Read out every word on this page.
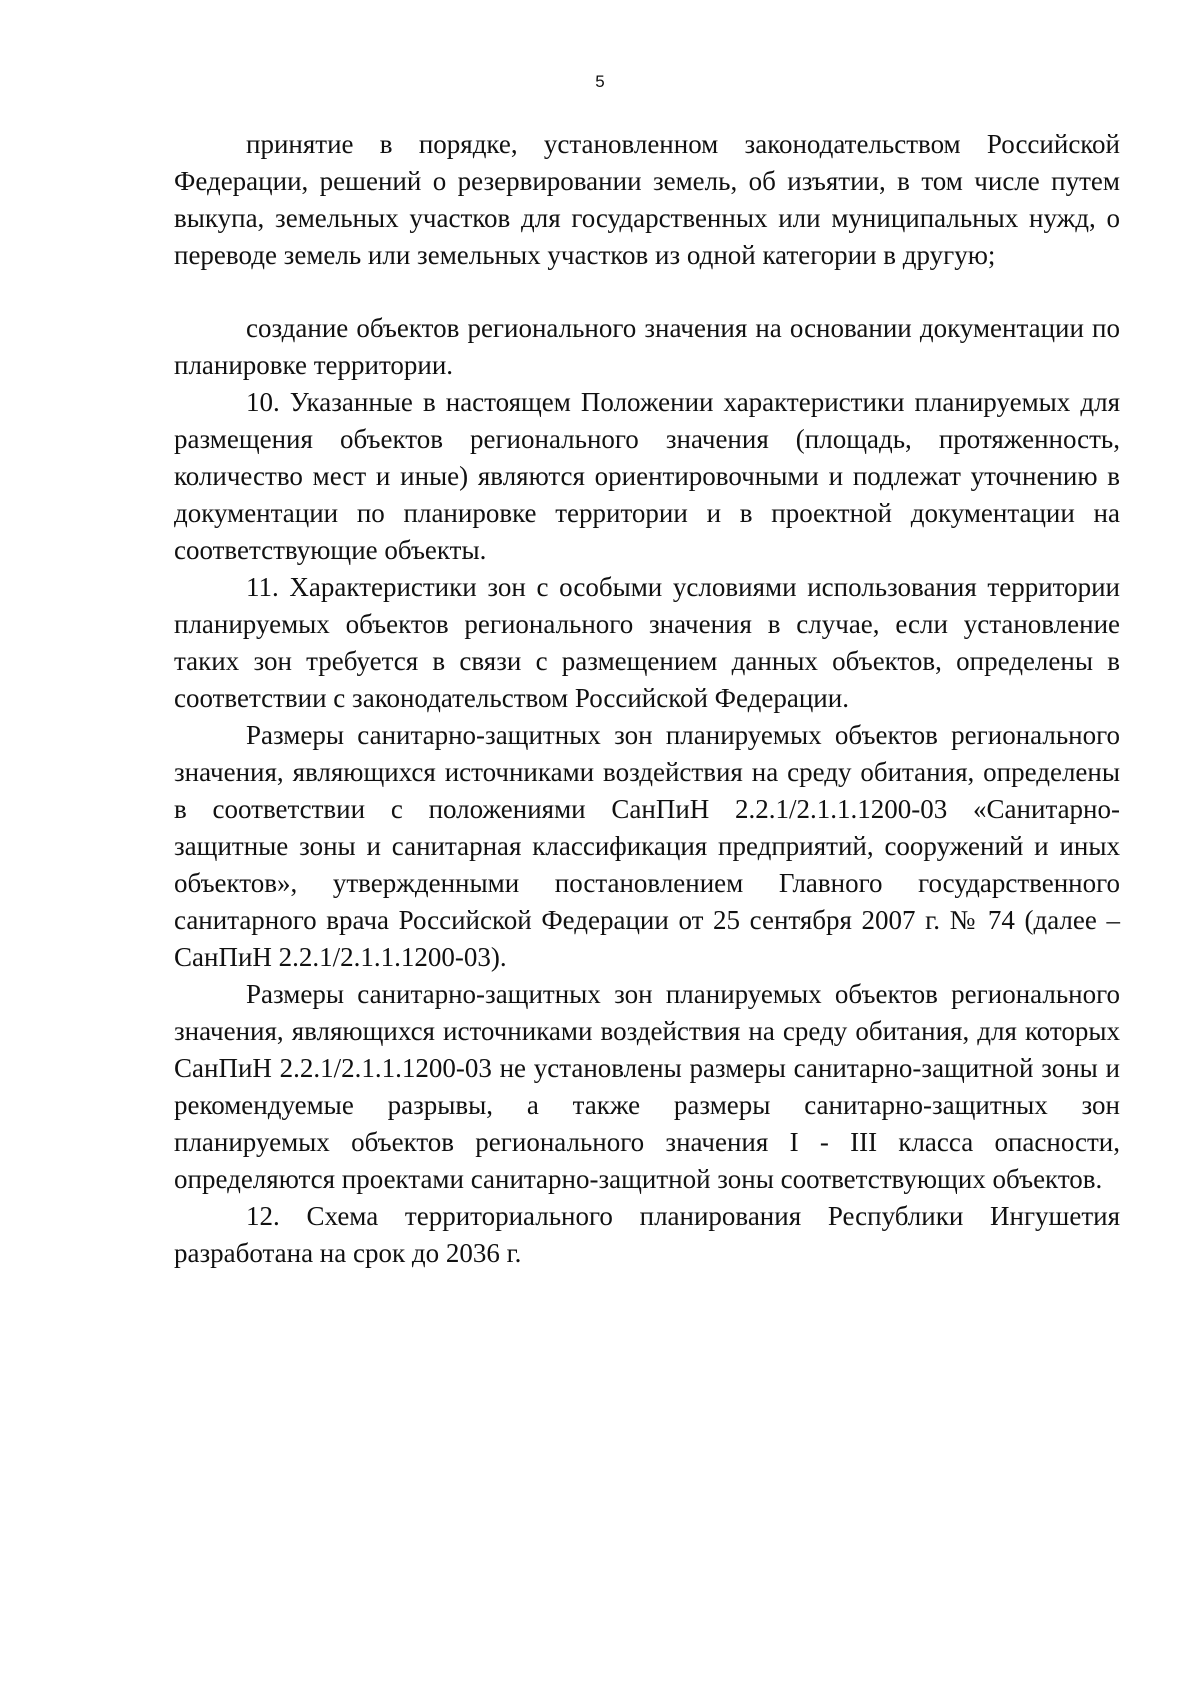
5

принятие в порядке, установленном законодательством Российской Федерации, решений о резервировании земель, об изъятии, в том числе путем выкупа, земельных участков для государственных или муниципальных нужд, о переводе земель или земельных участков из одной категории в другую;

создание объектов регионального значения на основании документации по планировке территории.

10. Указанные в настоящем Положении характеристики планируемых для размещения объектов регионального значения (площадь, протяженность, количество мест и иные) являются ориентировочными и подлежат уточнению в документации по планировке территории и в проектной документации на соответствующие объекты.

11. Характеристики зон с особыми условиями использования территории планируемых объектов регионального значения в случае, если установление таких зон требуется в связи с размещением данных объектов, определены в соответствии с законодательством Российской Федерации.

Размеры санитарно-защитных зон планируемых объектов регионального значения, являющихся источниками воздействия на среду обитания, определены в соответствии с положениями СанПиН 2.2.1/2.1.1.1200-03 «Санитарно-защитные зоны и санитарная классификация предприятий, сооружений и иных объектов», утвержденными постановлением Главного государственного санитарного врача Российской Федерации от 25 сентября 2007 г. № 74 (далее – СанПиН 2.2.1/2.1.1.1200-03).

Размеры санитарно-защитных зон планируемых объектов регионального значения, являющихся источниками воздействия на среду обитания, для которых СанПиН 2.2.1/2.1.1.1200-03 не установлены размеры санитарно-защитной зоны и рекомендуемые разрывы, а также размеры санитарно-защитных зон планируемых объектов регионального значения I - III класса опасности, определяются проектами санитарно-защитной зоны соответствующих объектов.

12. Схема территориального планирования Республики Ингушетия разработана на срок до 2036 г.
